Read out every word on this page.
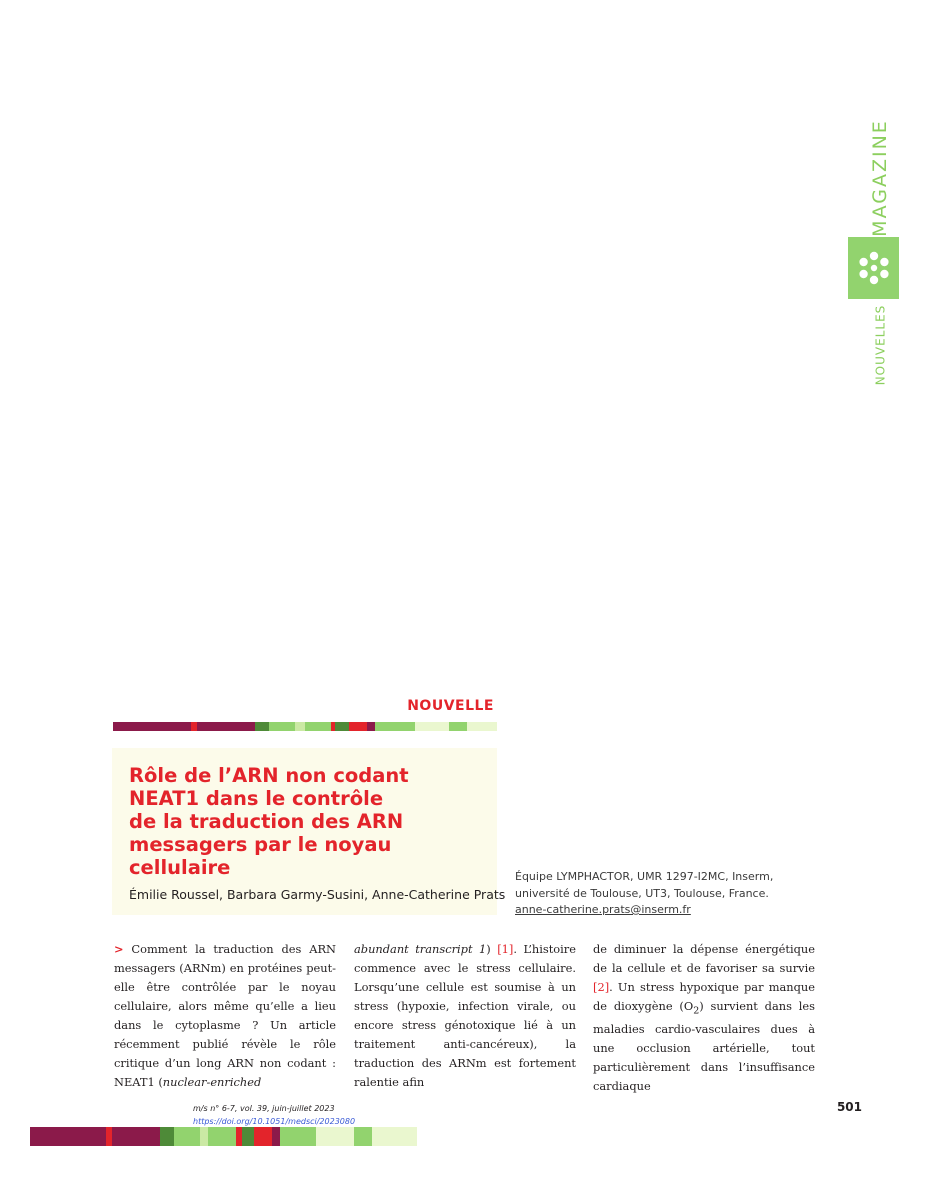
MAGAZINE
NOUVELLES
NOUVELLE
Rôle de l’ARN non codant
NEAT1 dans le contrôle
de la traduction des ARN
messagers par le noyau
cellulaire
Émilie Roussel, Barbara Garmy-Susini, Anne-Catherine Prats
Équipe LYMPHACTOR, UMR 1297-I2MC, Inserm,
université de Toulouse, UT3, Toulouse, France.
anne-catherine.prats@inserm.fr
> Comment la traduction des ARN messagers (ARNm) en protéines peut-elle être contrôlée par le noyau cellulaire, alors même qu’elle a lieu dans le cytoplasme ? Un article récemment publié révèle le rôle critique d’un long ARN non codant : NEAT1 (nuclear-enriched
abundant transcript 1) [1]. L’histoire commence avec le stress cellulaire. Lorsqu’une cellule est soumise à un stress (hypoxie, infection virale, ou encore stress génotoxique lié à un traitement anti-cancéreux), la traduction des ARNm est fortement ralentie afin
de diminuer la dépense énergétique de la cellule et de favoriser sa survie [2]. Un stress hypoxique par manque de dioxygène $(O_2)$ survient dans les maladies cardio-vasculaires dues à une occlusion artérielle, tout particulièrement dans l’insuffisance cardiaque
m/s n° 6-7, vol. 39, juin-juillet 2023
https://doi.org/10.1051/medsci/2023080
501
